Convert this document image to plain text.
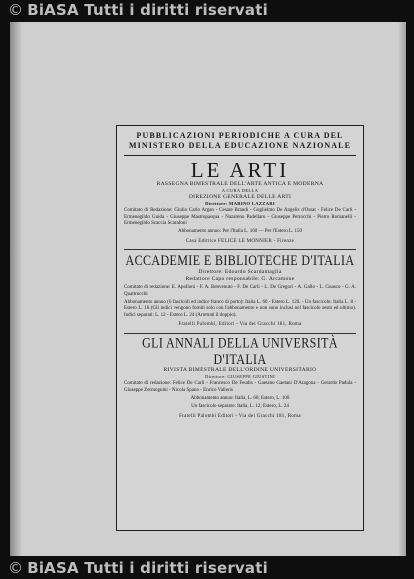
© BiASA Tutti i diritti riservati
PUBBLICAZIONI PERIODICHE A CURA DEL
MINISTERO DELLA EDUCAZIONE NAZIONALE
LE ARTI
RASSEGNA BIMESTRALE DELL'ARTE ANTICA E MODERNA
A CURA DELLA
DIREZIONE GENERALE DELLE ARTI
Direttore: MARINO LAZZARI
Comitato di Redazione: Giulio Carlo Argan - Cesare Brandi - Guglielmo De Angelis d'Ossat - Felice De Carli - Ermenegildo Guida - Giuseppe Mastropasqua - Nazareno Padellaro - Giuseppe Petrocchi - Pietro Romanelli - Ermenegildo Scaccia Scarafoni
Abbonamento annuo: Per l'Italia L. 160 — Per l'Estero L. 150
Casa Editrice FELICE LE MONNIER - Firenze
ACCADEMIE E BIBLIOTECHE D'ITALIA
Direttore: Edoardo Scardamaglia
Redattore Capo responsabile: G. Arcamone
Comitato di redazione: E. Apolloni - F. A. Benvenuto - F. De Carli - L. De Gregori - A. Gallo - L. Guasco - G. A. Quattrocchi
Abbonamento annuo (6 fascicoli ed indice franco di porto): Italia L. 60 - Estero L. 120. - Un fascicolo: Italia L. 8 - Estero L. 16 (Gli indici vengono forniti solo con l'abbonamento e non sono inclusi nel fascicolo sesto ed ultimo). Indici separati: L. 12 - Estero L. 24 (Arretrati il doppio).
Fratelli Palombi, Editori - Via dei Gracchi 181, Roma
GLI ANNALI DELLA UNIVERSITÀ D'ITALIA
RIVISTA BIMESTRALE DELL'ORDINE UNIVERSITARIO
Direttore: GIUSEPPE GIUSTINI
Comitato di redazione: Felice De Carli - Francesco De Feudis - Gaetano Gaetani D'Aragona - Gerardo Padula - Giuseppe Zermognini - Nicola Spano - Enrico Valleris
Abbonamento annuo: Italia, L. 60; Estero, L. 100
Un fascicolo separato: Italia, L. 12; Estero, L. 24
Fratelli Palombi Editori - Via dei Gracchi 181, Roma
© BiASA Tutti i diritti riservati
